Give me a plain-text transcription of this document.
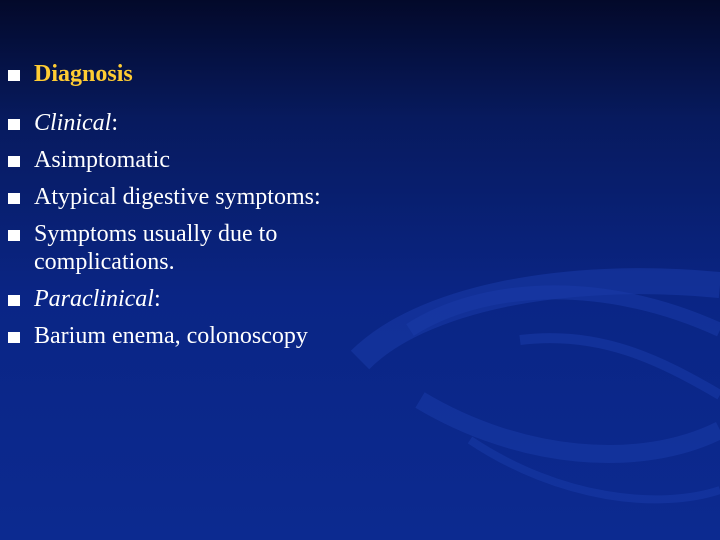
Diagnosis
Clinical:
Asimptomatic
Atypical digestive symptoms:
Symptoms usually due to complications.
Paraclinical:
Barium enema, colonoscopy
